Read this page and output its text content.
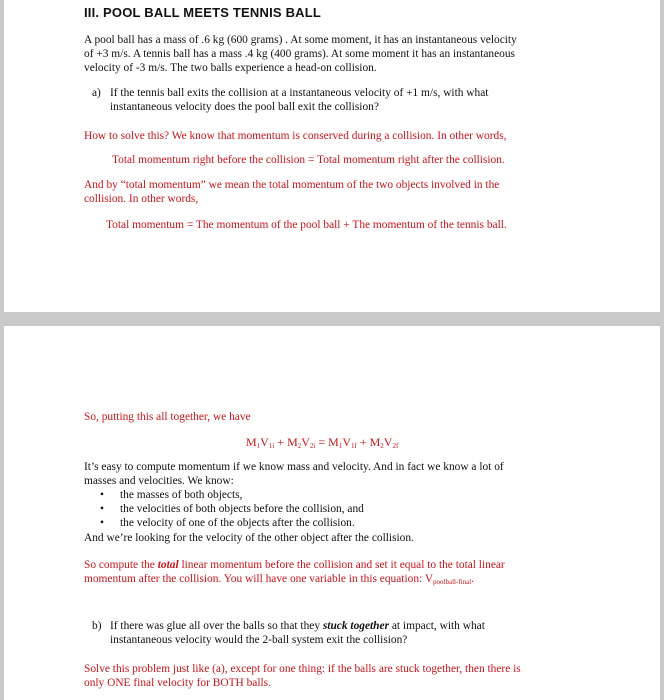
III. POOL BALL MEETS TENNIS BALL
A pool ball has a mass of .6 kg (600 grams) . At some moment, it has an instantaneous velocity
of +3 m/s. A tennis ball has a mass .4 kg (400 grams). At some moment it has an instantaneous
velocity of -3 m/s. The two balls experience a head-on collision.
a) If the tennis ball exits the collision at a instantaneous velocity of +1 m/s, with what
instantaneous velocity does the pool ball exit the collision?
How to solve this? We know that momentum is conserved during a collision. In other words,
Total momentum right before the collision = Total momentum right after the collision.
And by “total momentum” we mean the total momentum of the two objects involved in the
collision. In other words,
Total momentum = The momentum of the pool ball + The momentum of the tennis ball.
So, putting this all together, we have
$M_1V_{1i} + M_2V_{2i} = M_1V_{1f} + M_2V_{2f}$
It’s easy to compute momentum if we know mass and velocity. And in fact we know a lot of
masses and velocities. We know:
• the masses of both objects,
• the velocities of both objects before the collision, and
• the velocity of one of the objects after the collision.
And we’re looking for the velocity of the other object after the collision.
So compute the total linear momentum before the collision and set it equal to the total linear
momentum after the collision. You will have one variable in this equation: $V_{poolball-final}$.
b) If there was glue all over the balls so that they stuck together at impact, with what
instantaneous velocity would the 2-ball system exit the collision?
Solve this problem just like (a), except for one thing: if the balls are stuck together, then there is
only ONE final velocity for BOTH balls.
